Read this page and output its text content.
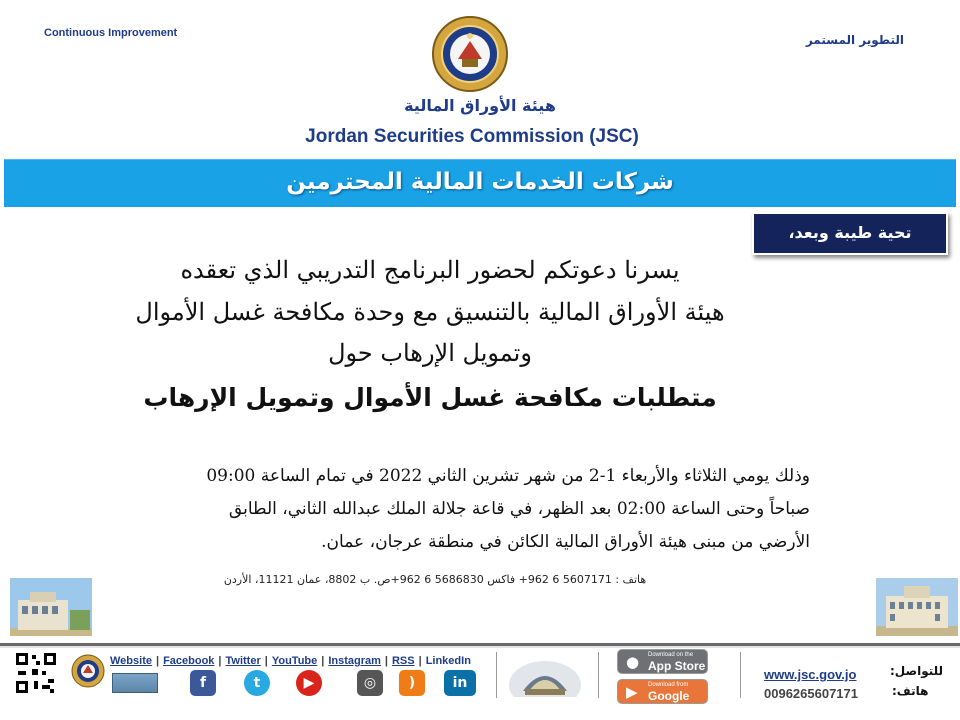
Continuous Improvement	التطوير المستمر
هيئة الأوراق المالية
Jordan Securities Commission (JSC)
شركات الخدمات المالية المحترمين
تحية طيبة وبعد،
يسرنا دعوتكم لحضور البرنامج التدريبي الذي تعقده
هيئة الأوراق المالية بالتنسيق مع وحدة مكافحة غسل الأموال
وتمويل الإرهاب حول
متطلبات مكافحة غسل الأموال وتمويل الإرهاب
وذلك يومي الثلاثاء والأربعاء 1-2 من شهر تشرين الثاني 2022 في تمام الساعة 09:00
صباحاً وحتى الساعة 02:00 بعد الظهر، في قاعة جلالة الملك عبدالله الثاني، الطابق
الأرضي من مبنى هيئة الأوراق المالية الكائن في منطقة عرجان، عمان.
هاتف : 5607171 6 962+ فاكس 5686830 6 962+ص. ب 8802، عمان 11121، الأردن
Website | Facebook | Twitter | YouTube | Instagram | RSS | LinkedIn
f	t	▶	◎	)	in
● Download on the
App Store
▶ Download from
Google Play
www.jsc.gov.jo
0096265607171
للتواصل:
هاتف:
